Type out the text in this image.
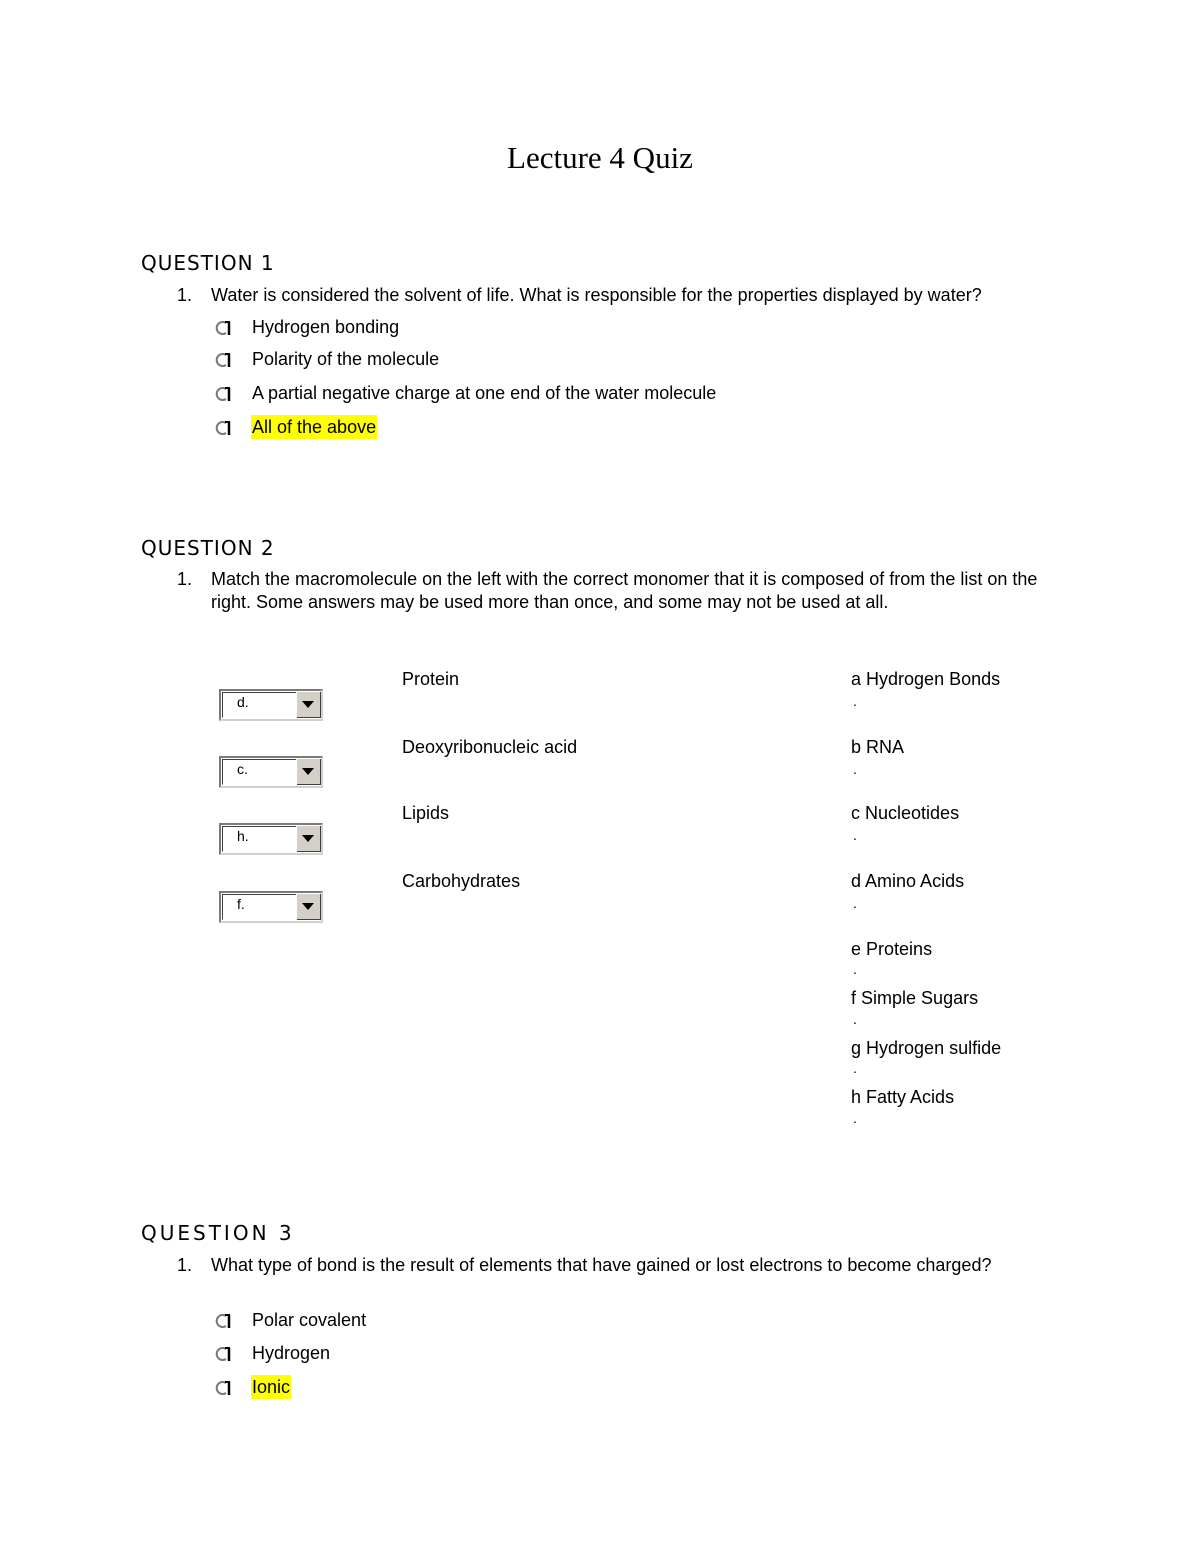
Lecture 4 Quiz
QUESTION 1
1. Water is considered the solvent of life. What is responsible for the properties displayed by water?
Hydrogen bonding
Polarity of the molecule
A partial negative charge at one end of the water molecule
All of the above
QUESTION 2
1. Match the macromolecule on the left with the correct monomer that it is composed of from the list on the right. Some answers may be used more than once, and some may not be used at all.
d.
c.
h.
f.
Protein
Deoxyribonucleic acid
Lipids
Carbohydrates
a Hydrogen Bonds
.
b RNA
.
c Nucleotides
.
d Amino Acids
.
e Proteins
.
f Simple Sugars
.
g Hydrogen sulfide
.
h Fatty Acids
.
QUESTION 3
1. What type of bond is the result of elements that have gained or lost electrons to become charged?
Polar covalent
Hydrogen
Ionic
